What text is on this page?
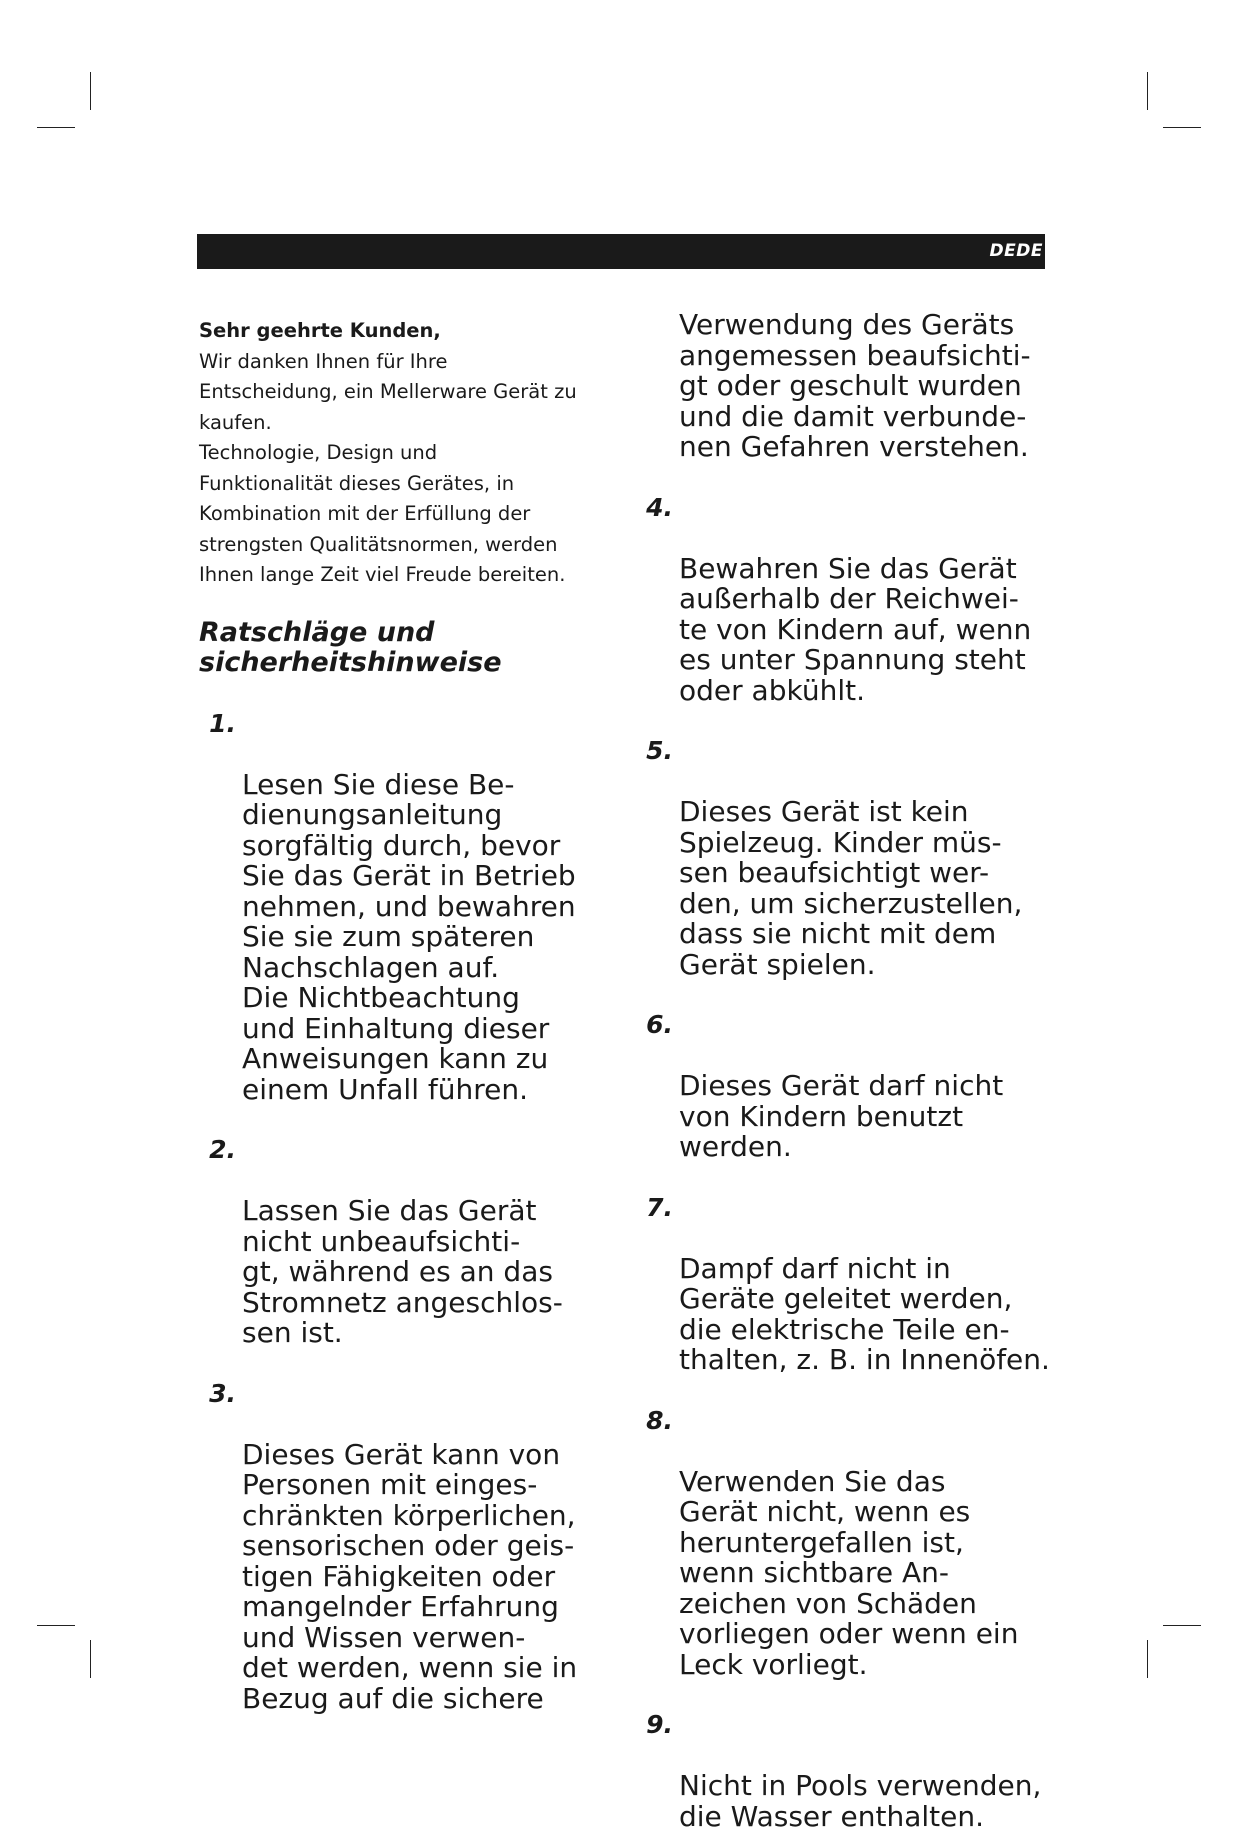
DEDE
Sehr geehrte Kunden,
Wir danken Ihnen für Ihre
Entscheidung, ein Mellerware Gerät zu
kaufen.
Technologie, Design und
Funktionalität dieses Gerätes, in
Kombination mit der Erfüllung der
strengsten Qualitätsnormen, werden
Ihnen lange Zeit viel Freude bereiten.
Ratschläge und
sicherheitshinweise

1.

Lesen Sie diese Be-
dienungsanleitung
sorgfältig durch, bevor
Sie das Gerät in Betrieb
nehmen, und bewahren
Sie sie zum späteren
Nachschlagen auf.
Die Nichtbeachtung
und Einhaltung dieser
Anweisungen kann zu
einem Unfall führen.

2.

Lassen Sie das Gerät
nicht unbeaufsichti-
gt, während es an das
Stromnetz angeschlos-
sen ist.

3.

Dieses Gerät kann von
Personen mit einges-
chränkten körperlichen,
sensorischen oder geis-
tigen Fähigkeiten oder
mangelnder Erfahrung
und Wissen verwen-
det werden, wenn sie in
Bezug auf die sichere

Verwendung des Geräts
angemessen beaufsichti-
gt oder geschult wurden
und die damit verbunde-
nen Gefahren verstehen.

4.

Bewahren Sie das Gerät
außerhalb der Reichwei-
te von Kindern auf, wenn
es unter Spannung steht
oder abkühlt.

5.

Dieses Gerät ist kein
Spielzeug. Kinder müs-
sen beaufsichtigt wer-
den, um sicherzustellen,
dass sie nicht mit dem
Gerät spielen.

6.

Dieses Gerät darf nicht
von Kindern benutzt
werden.

7.

Dampf darf nicht in
Geräte geleitet werden,
die elektrische Teile en-
thalten, z. B. in Innenöfen.

8.

Verwenden Sie das
Gerät nicht, wenn es
heruntergefallen ist,
wenn sichtbare An-
zeichen von Schäden
vorliegen oder wenn ein
Leck vorliegt.

9.

Nicht in Pools verwenden,
die Wasser enthalten.
